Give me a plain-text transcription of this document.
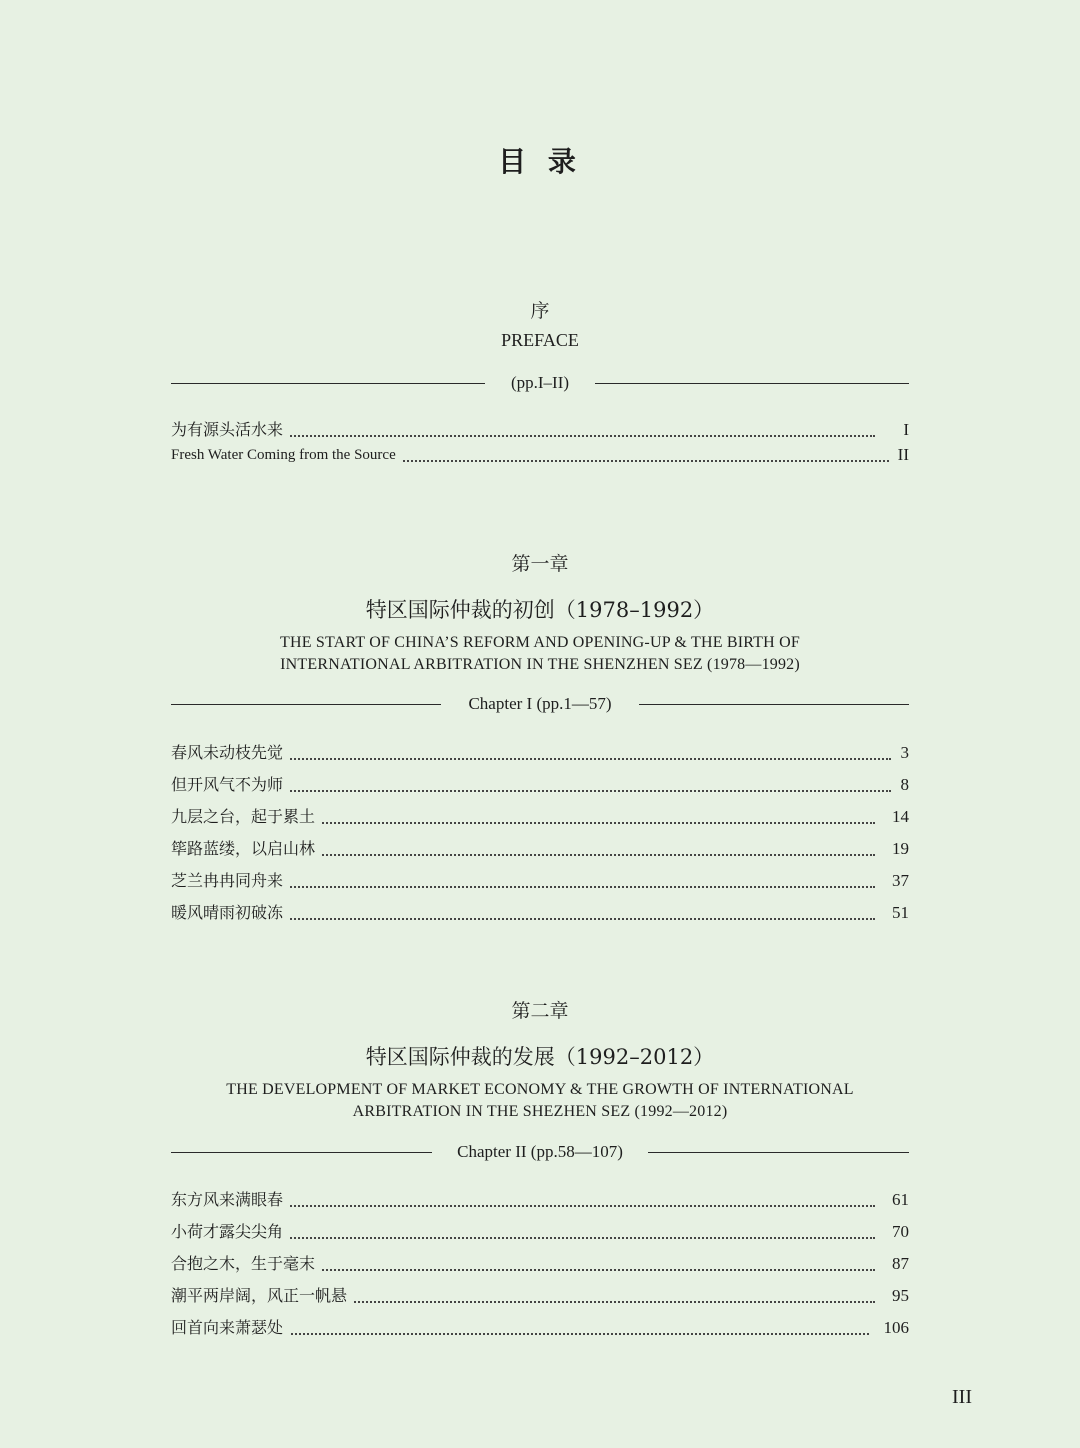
目 录
序
PREFACE
(pp.I–II)
为有源头活水来	I
Fresh Water Coming from the Source	II
第一章
特区国际仲裁的初创（1978–1992）
THE START OF CHINA’S REFORM AND OPENING-UP & THE BIRTH OF
INTERNATIONAL ARBITRATION IN THE SHENZHEN SEZ (1978—1992)
Chapter I (pp.1—57)
春风未动枝先觉	3
但开风气不为师	8
九层之台，起于累土	14
筚路蓝缕，以启山林	19
芝兰冉冉同舟来	37
暖风晴雨初破冻	51
第二章
特区国际仲裁的发展（1992–2012）
THE DEVELOPMENT OF MARKET ECONOMY & THE GROWTH OF INTERNATIONAL
ARBITRATION IN THE SHEZHEN SEZ (1992—2012)
Chapter II (pp.58—107)
东方风来满眼春	61
小荷才露尖尖角	70
合抱之木，生于毫末	87
潮平两岸阔，风正一帆悬	95
回首向来萧瑟处	106
III
